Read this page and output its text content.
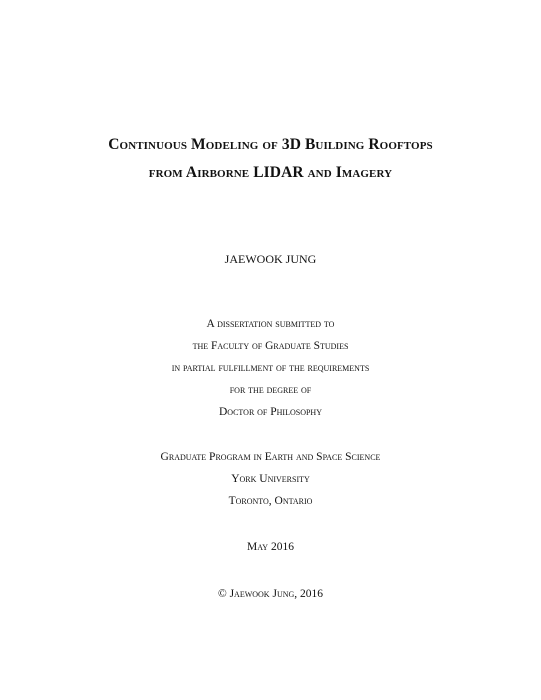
Continuous Modeling of 3D Building Rooftops
from Airborne LIDAR and Imagery
JAEWOOK JUNG
A dissertation submitted to
the Faculty of Graduate Studies
in partial fulfillment of the requirements
for the degree of
Doctor of Philosophy
Graduate Program in Earth and Space Science
York University
Toronto, Ontario
May 2016
© Jaewook Jung, 2016
